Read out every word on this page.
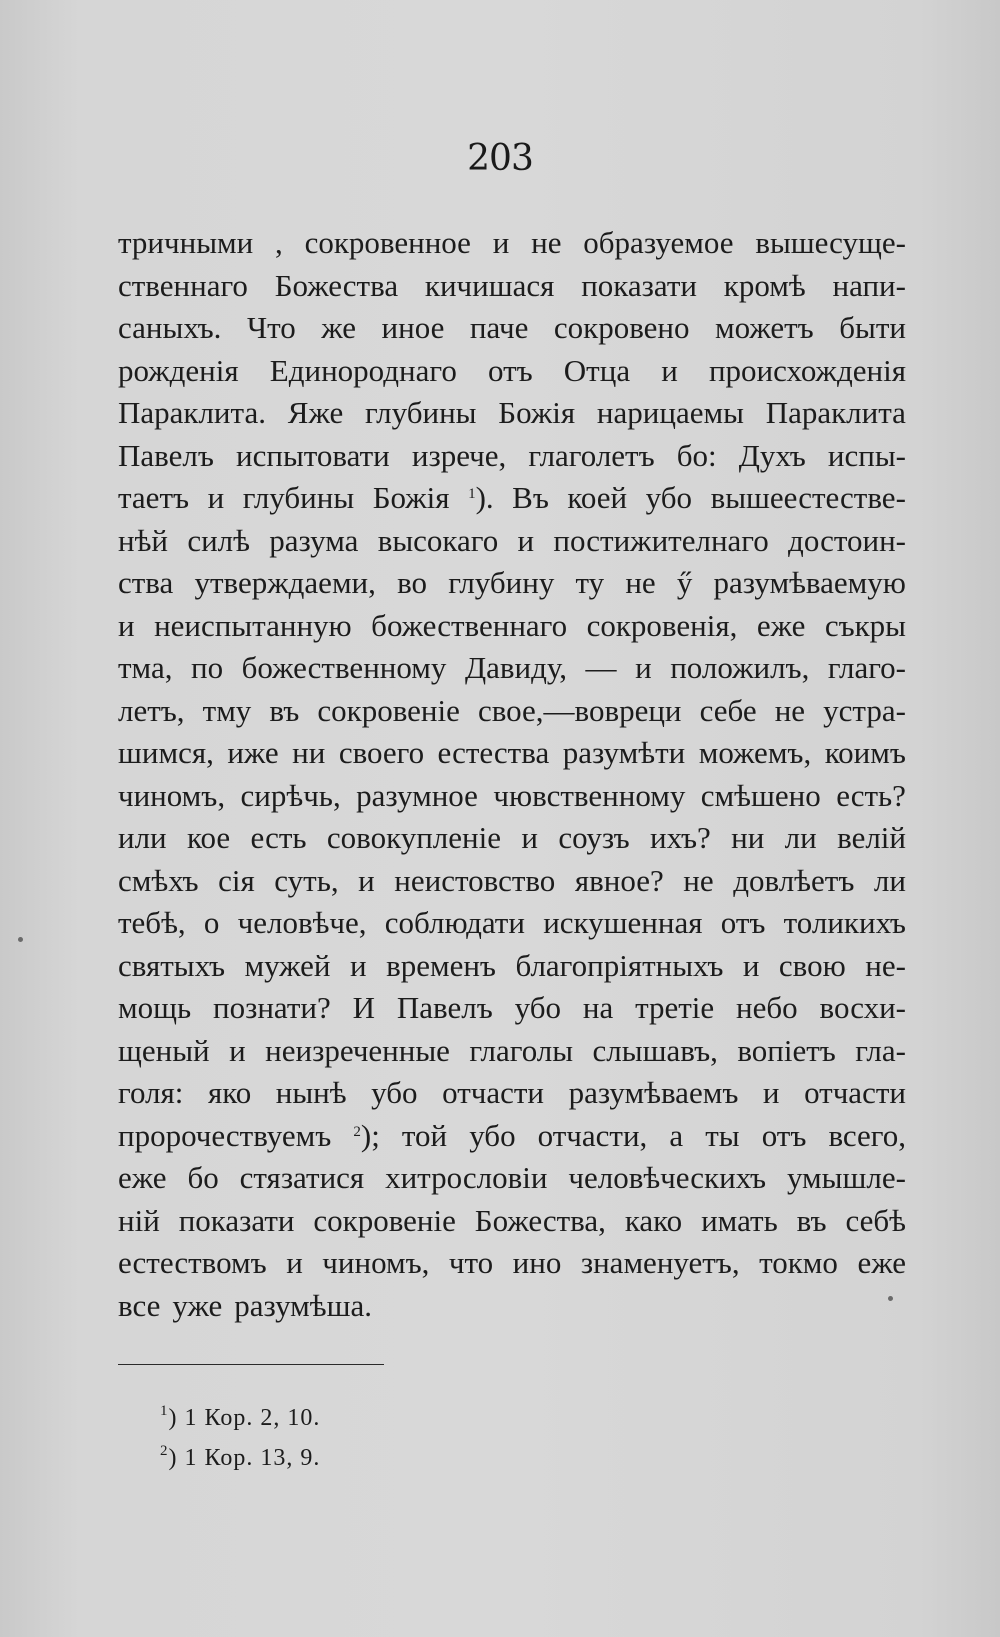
203
тричными , сокровенное и не образуемое вышесуще-
ственнаго Божества кичишася показати кромѣ напи-
саныхъ. Что же иное паче сокровено можетъ быти
рожденія Единороднаго отъ Отца и происхожденія
Параклита. Яже глубины Божія нарицаемы Параклита
Павелъ испытовати изрече, глаголетъ бо: Духъ испы-
таетъ и глубины Божія $^1$). Въ коей убо вышеестестве-
нѣй силѣ разума высокаго и постижителнаго достоин-
ства утверждаеми, во глубину ту не ӳ разумѣваемую
и неиспытанную божественнаго сокровенія, еже съкры
тма, по божественному Давиду, — и положилъ, глаго-
летъ, тму въ сокровеніе свое,—вовреци себе не устра-
шимся, иже ни своего естества разумѣти можемъ, коимъ
чиномъ, сирѣчь, разумное чювственному смѣшено есть?
или кое есть совокупленіе и соузъ ихъ? ни ли велій
смѣхъ сія суть, и неистовство явное? не довлѣетъ ли
тебѣ, о человѣче, соблюдати искушенная отъ толикихъ
святыхъ мужей и временъ благопріятныхъ и свою не-
мощь познати? И Павелъ убо на третіе небо восхи-
щеный и неизреченные глаголы слышавъ, вопіетъ гла-
голя: яко нынѣ убо отчасти разумѣваемъ и отчасти
пророчествуемъ $^2$); той убо отчасти, а ты отъ всего,
еже бо стязатися хитрословіи человѣческихъ умышле-
ній показати сокровеніе Божества, како имать въ себѣ
естествомъ и чиномъ, что ино знаменуетъ, токмо еже
все уже разумѣша.
$^1$) 1 Кор. 2, 10.
$^2$) 1 Кор. 13, 9.
